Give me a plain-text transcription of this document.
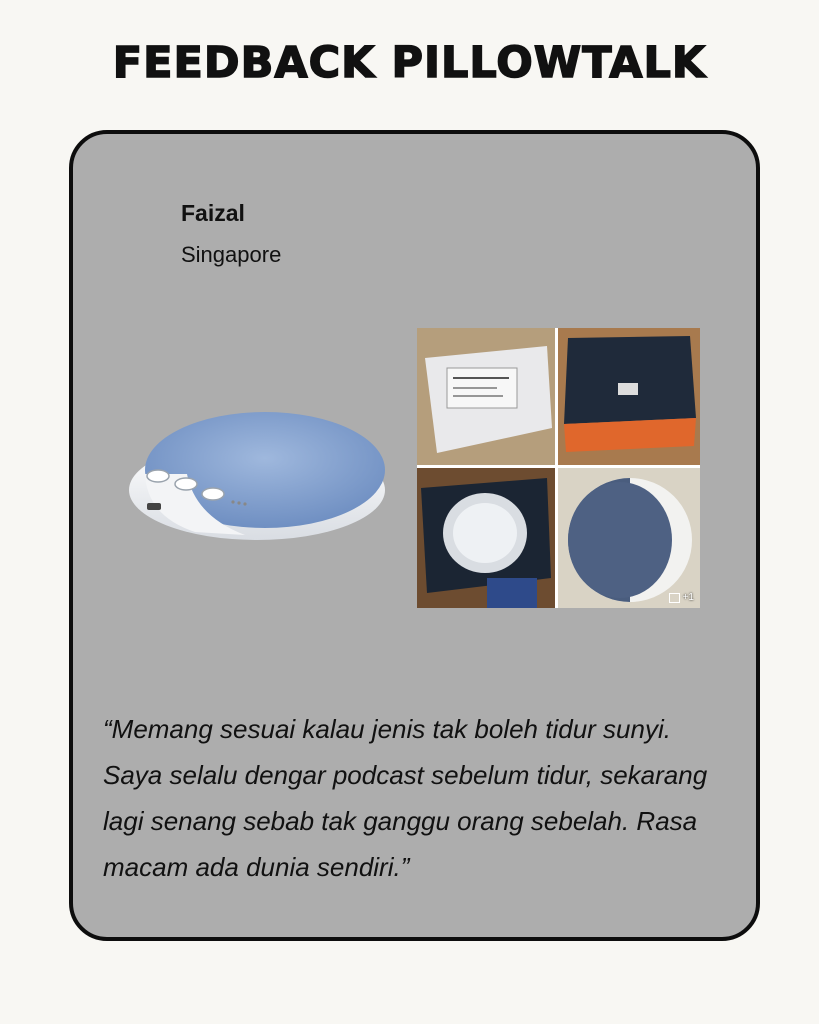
FEEDBACK PILLOWTALK
Faizal
Singapore
+1

“Memang sesuai kalau jenis tak boleh tidur sunyi. Saya selalu dengar podcast sebelum tidur, sekarang lagi senang sebab tak ganggu orang sebelah. Rasa macam ada dunia sendiri.”
